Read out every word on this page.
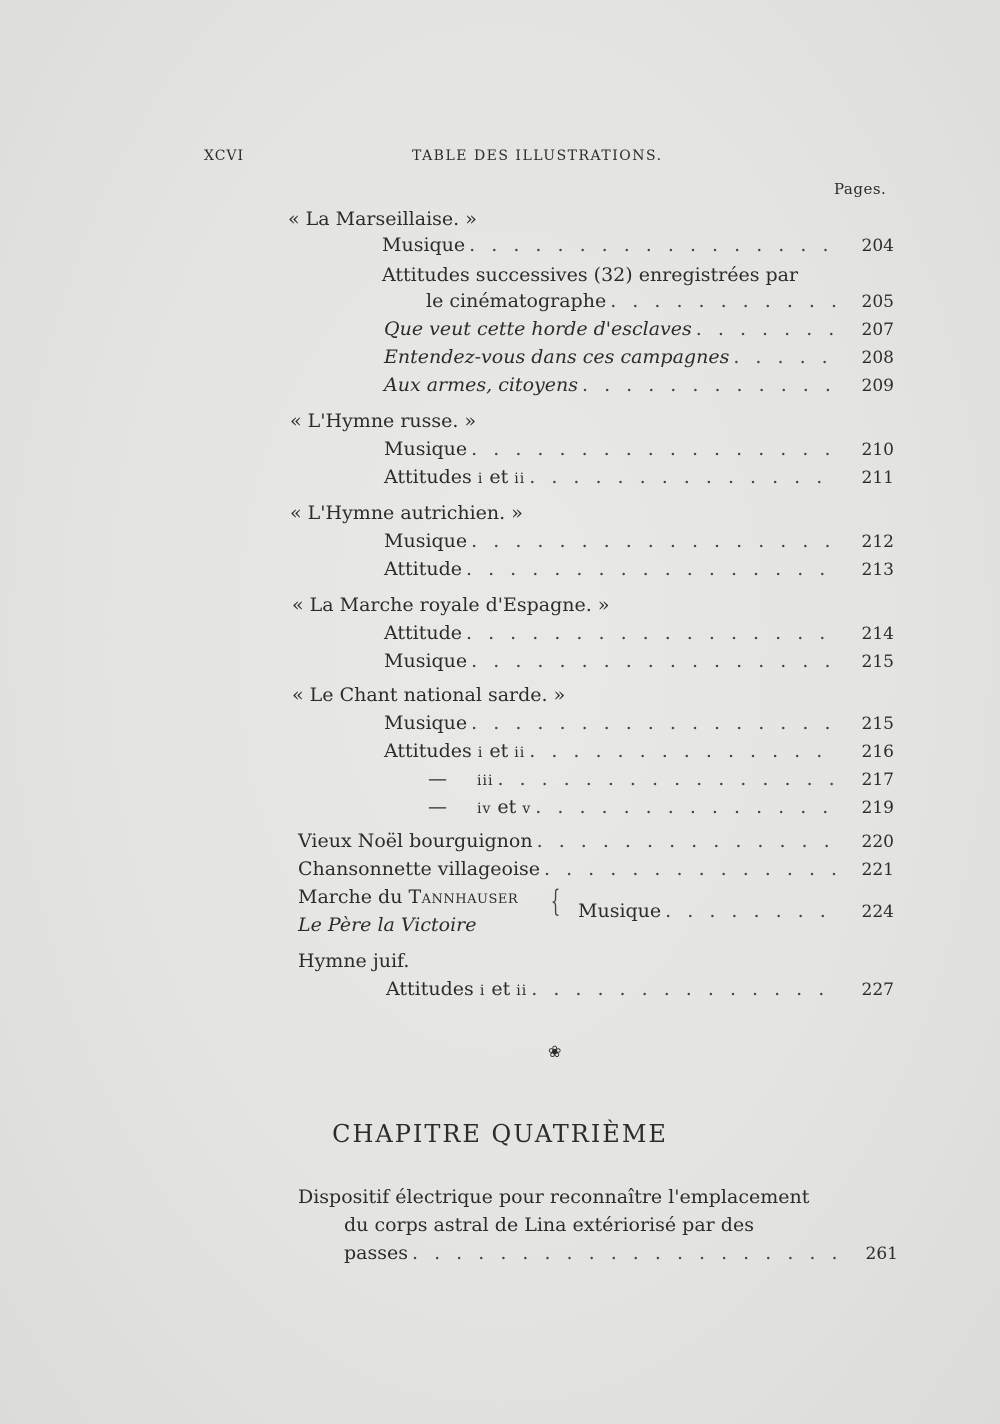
XCVI	TABLE DES ILLUSTRATIONS.
Pages.
« La Marseillaise. »
Musique . . .	204
Attitudes successives (32) enregistrées par
le cinématographe . . .	205
Que veut cette horde d'esclaves . . .	207
Entendez-vous dans ces campagnes . . .	208
Aux armes, citoyens . . .	209
« L'Hymne russe. »
Musique . . .	210
Attitudes i et ii . . .	211
« L'Hymne autrichien. »
Musique . . .	212
Attitude . . .	213
« La Marche royale d'Espagne. »
Attitude . . .	214
Musique . . .	215
« Le Chant national sarde. »
Musique . . .	215
Attitudes i et ii . . .	216
— iii . . .	217
— iv et v . . .	219
Vieux Noël bourguignon . . .	220
Chansonnette villageoise . . .	221
Marche du Tannhauser
Le Père la Victoire
{ Musique . . .	224
Hymne juif.
Attitudes i et ii . . .	227
❀
CHAPITRE QUATRIÈME
Dispositif électrique pour reconnaître l'emplacement
du corps astral de Lina extériorisé par des
passes . . .	261
